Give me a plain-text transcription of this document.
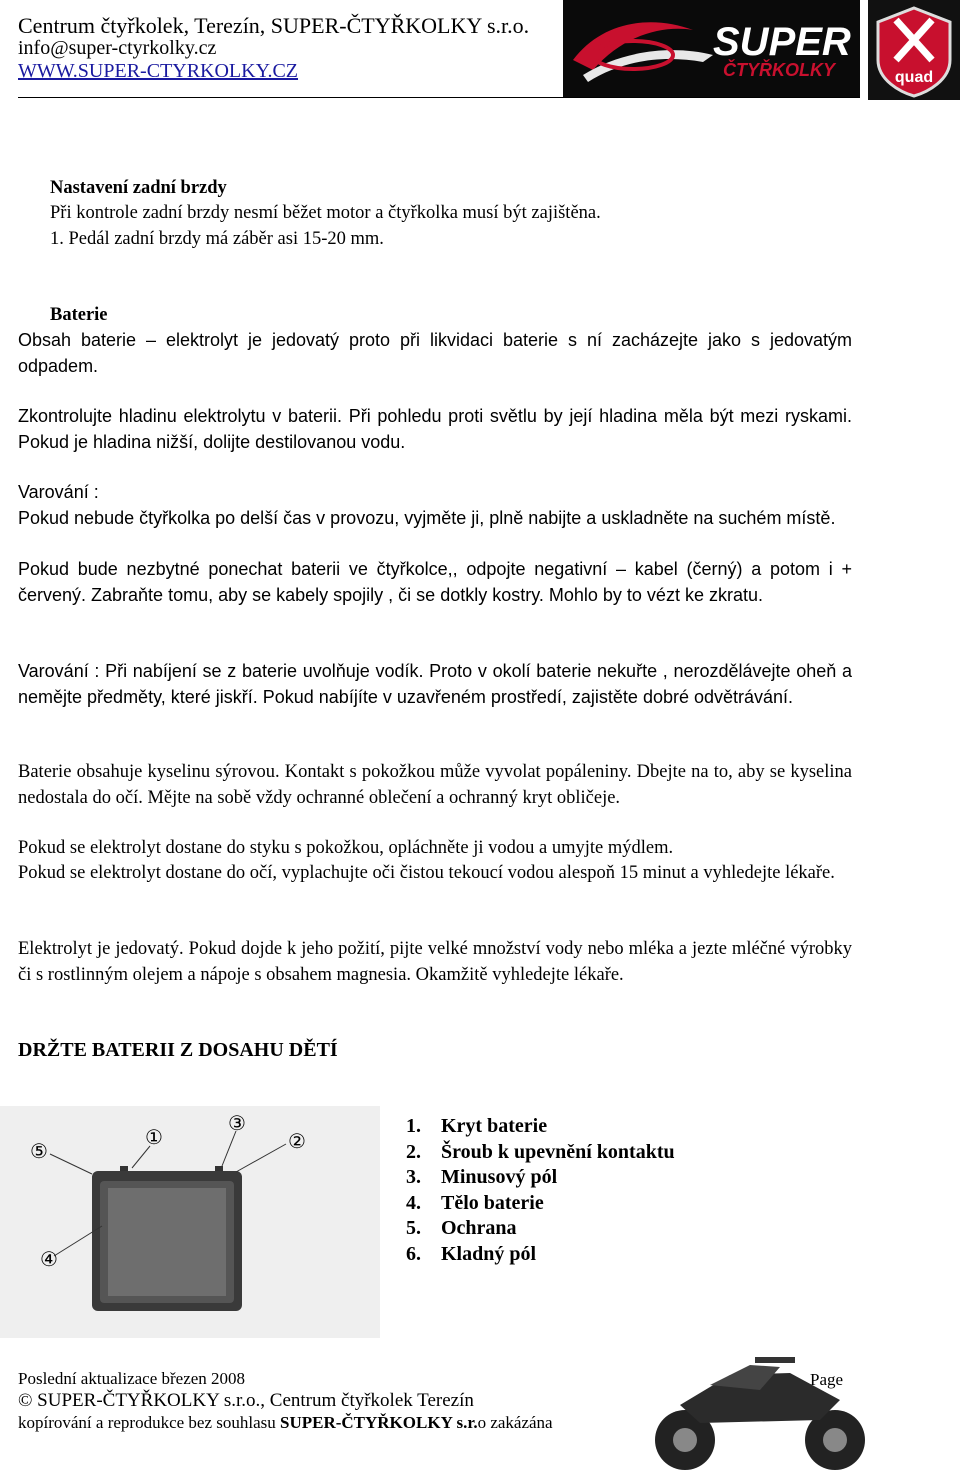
Centrum čtyřkolek, Terezín, SUPER-ČTYŘKOLKY s.r.o.
info@super-ctyrkolky.cz
WWW.SUPER-CTYRKOLKY.CZ
SUPER
ČTYŘKOLKY	quad
Nastavení zadní brzdy
Při kontrole zadní brzdy nesmí běžet motor a čtyřkolka musí být zajištěna.
1. Pedál zadní brzdy má záběr asi 15-20 mm.
Baterie
Obsah baterie – elektrolyt je jedovatý proto při likvidaci baterie s ní zacházejte jako s jedovatým odpadem.
Zkontrolujte hladinu elektrolytu v baterii. Při pohledu proti světlu by její hladina měla být mezi ryskami. Pokud je hladina nižší, dolijte destilovanou vodu.
Varování :
Pokud nebude čtyřkolka po delší čas v provozu, vyjměte ji, plně nabijte a uskladněte na suchém místě.
Pokud bude nezbytné ponechat baterii ve čtyřkolce,, odpojte negativní – kabel (černý) a potom i + červený. Zabraňte tomu, aby se kabely spojily , či se dotkly kostry. Mohlo by to vézt ke zkratu.
Varování : Při nabíjení se z baterie uvolňuje vodík. Proto v okolí baterie nekuřte , nerozdělávejte oheň a nemějte předměty, které jiskří. Pokud nabíjíte v uzavřeném prostředí, zajistěte dobré odvětrávání.
Baterie obsahuje kyselinu sýrovou. Kontakt s pokožkou může vyvolat popáleniny. Dbejte na to, aby se kyselina nedostala do očí. Mějte na sobě vždy ochranné oblečení a ochranný kryt obličeje.
Pokud se elektrolyt dostane do styku s pokožkou, opláchněte ji vodou a umyjte mýdlem.
Pokud se elektrolyt dostane do očí, vyplachujte oči čistou tekoucí vodou alespoň 15 minut a vyhledejte lékaře.
Elektrolyt je jedovatý. Pokud dojde k jeho požití, pijte velké množství vody nebo mléka a jezte mléčné výrobky či s rostlinným olejem a nápoje s obsahem magnesia. Okamžitě vyhledejte lékaře.
DRŽTE BATERII Z DOSAHU DĚTÍ
①	②
③
④
⑤
1. Kryt baterie
2. Šroub k upevnění kontaktu
3. Minusový pól
4. Tělo baterie
5. Ochrana
6. Kladný pól
Poslední aktualizace březen 2008
© SUPER-ČTYŘKOLKY s.r.o., Centrum čtyřkolek Terezín
kopírování a reprodukce bez souhlasu SUPER-ČTYŘKOLKY s.r.o zakázána
Page
